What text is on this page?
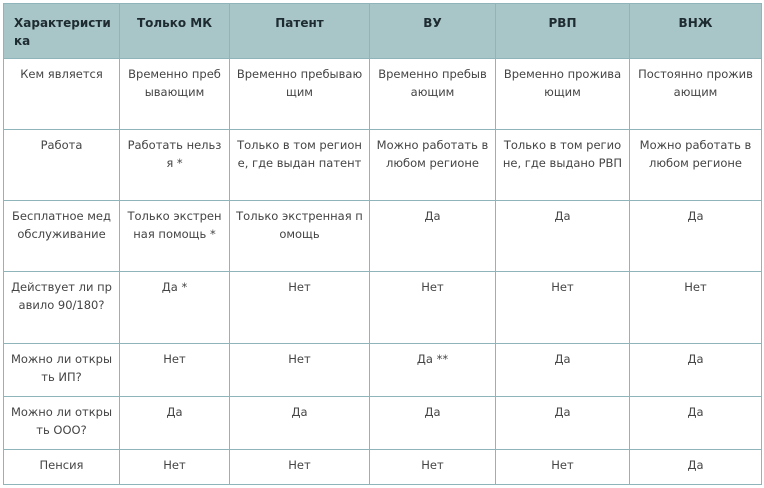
Характеристика	Только МК	Патент	ВУ	РВП	ВНЖ
Кем является	Временно пребывающим	Временно пребывающим	Временно пребывающим	Временно проживающим	Постоянно проживающим
Работа	Работать нельзя *	Только в том регионе, где выдан патент	Можно работать в любом регионе	Только в том регионе, где выдано РВП	Можно работать в любом регионе
Бесплатное медобслуживание	Только экстренная помощь *	Только экстренная помощь	Да	Да	Да
Действует ли правило 90/180?	Да *	Нет	Нет	Нет	Нет
Можно ли открыть ИП?	Нет	Нет	Да **	Да	Да
Можно ли открыть ООО?	Да	Да	Да	Да	Да
Пенсия	Нет	Нет	Нет	Нет	Да
